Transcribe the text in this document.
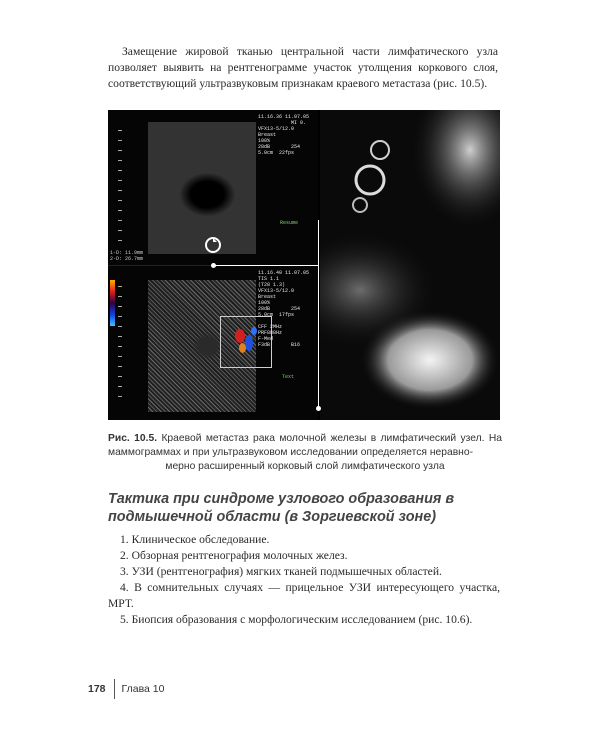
Замещение жировой тканью центральной части лимфатического узла позволяет выявить на рентгенограмме участок утолщения коркового слоя, соответствующий ультразвуковым признакам краевого метастаза (рис. 10.5).

11.16.36 11.07.05
MI 0.
VFX13-5/12.0
Breast
100%
28dB       254
5.0cm  22fps

Resume

1-D: 11.9mm

2-D: 26.7mm

11.16.40 11.07.05
TIS 1.1
(T28 1.3)
VFX13-5/12.0
Breast
100%
28dB       254
5.0cm  17fps

CFF 2MHz
PRF888Hz
F-Med
F3dB       B16

Text

Рис. 10.5. Краевой метастаз рака молочной железы в лимфатический узел. На маммограммах и при ультразвуковом исследовании определяется неравно-
мерно расширенный корковый слой лимфатического узла

Тактика при синдроме узлового образования в подмышечной области (в Зоргиевской зоне)
1. Клиническое обследование.
2. Обзорная рентгенография молочных желез.
3. УЗИ (рентгенография) мягких тканей подмышечных областей.
4. В сомнительных случаях — прицельное УЗИ интересующего участка, МРТ.
5. Биопсия образования с морфологическим исследованием (рис. 10.6).
178 Глава 10
